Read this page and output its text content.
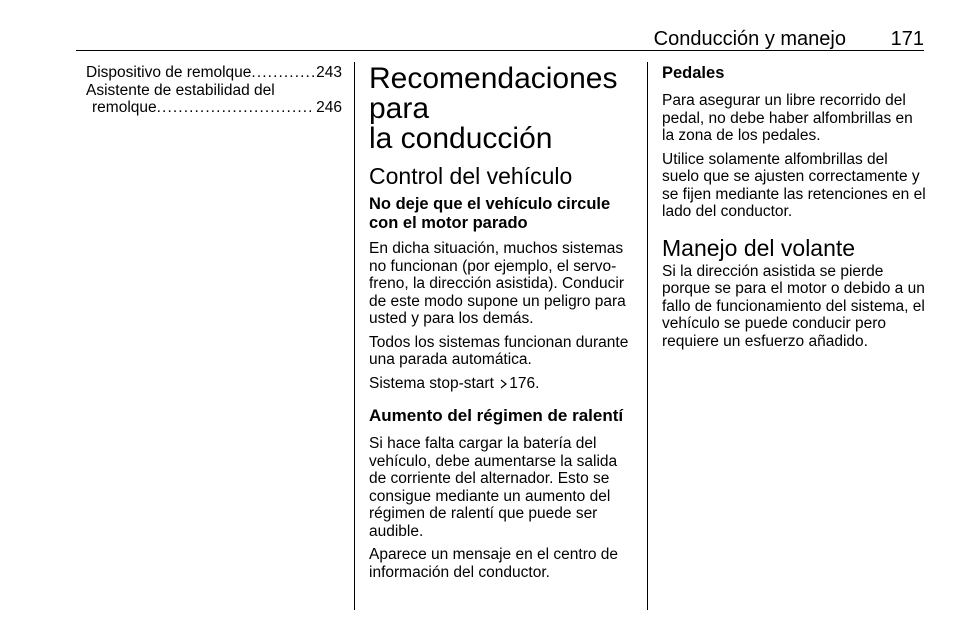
Conducción y manejo 171
Dispositivo de remolque . . .	243
Asistente de estabilidad del
remolque . . .	246
Recomendaciones para
la conducción
Control del vehículo
No deje que el vehículo circule con el motor parado

En dicha situación, muchos sistemas no funcionan (por ejemplo, el servo-freno, la dirección asistida). Conducir de este modo supone un peligro para usted y para los demás.

Todos los sistemas funcionan durante una parada automática.

Sistema stop-start 176.

Aumento del régimen de ralentí

Si hace falta cargar la batería del vehículo, debe aumentarse la salida de corriente del alternador. Esto se consigue mediante un aumento del régimen de ralentí que puede ser audible.

Aparece un mensaje en el centro de información del conductor.

Pedales

Para asegurar un libre recorrido del pedal, no debe haber alfombrillas en la zona de los pedales.

Utilice solamente alfombrillas del suelo que se ajusten correctamente y se fijen mediante las retenciones en el lado del conductor.

Manejo del volante

Si la dirección asistida se pierde porque se para el motor o debido a un fallo de funcionamiento del sistema, el vehículo se puede conducir pero requiere un esfuerzo añadido.
